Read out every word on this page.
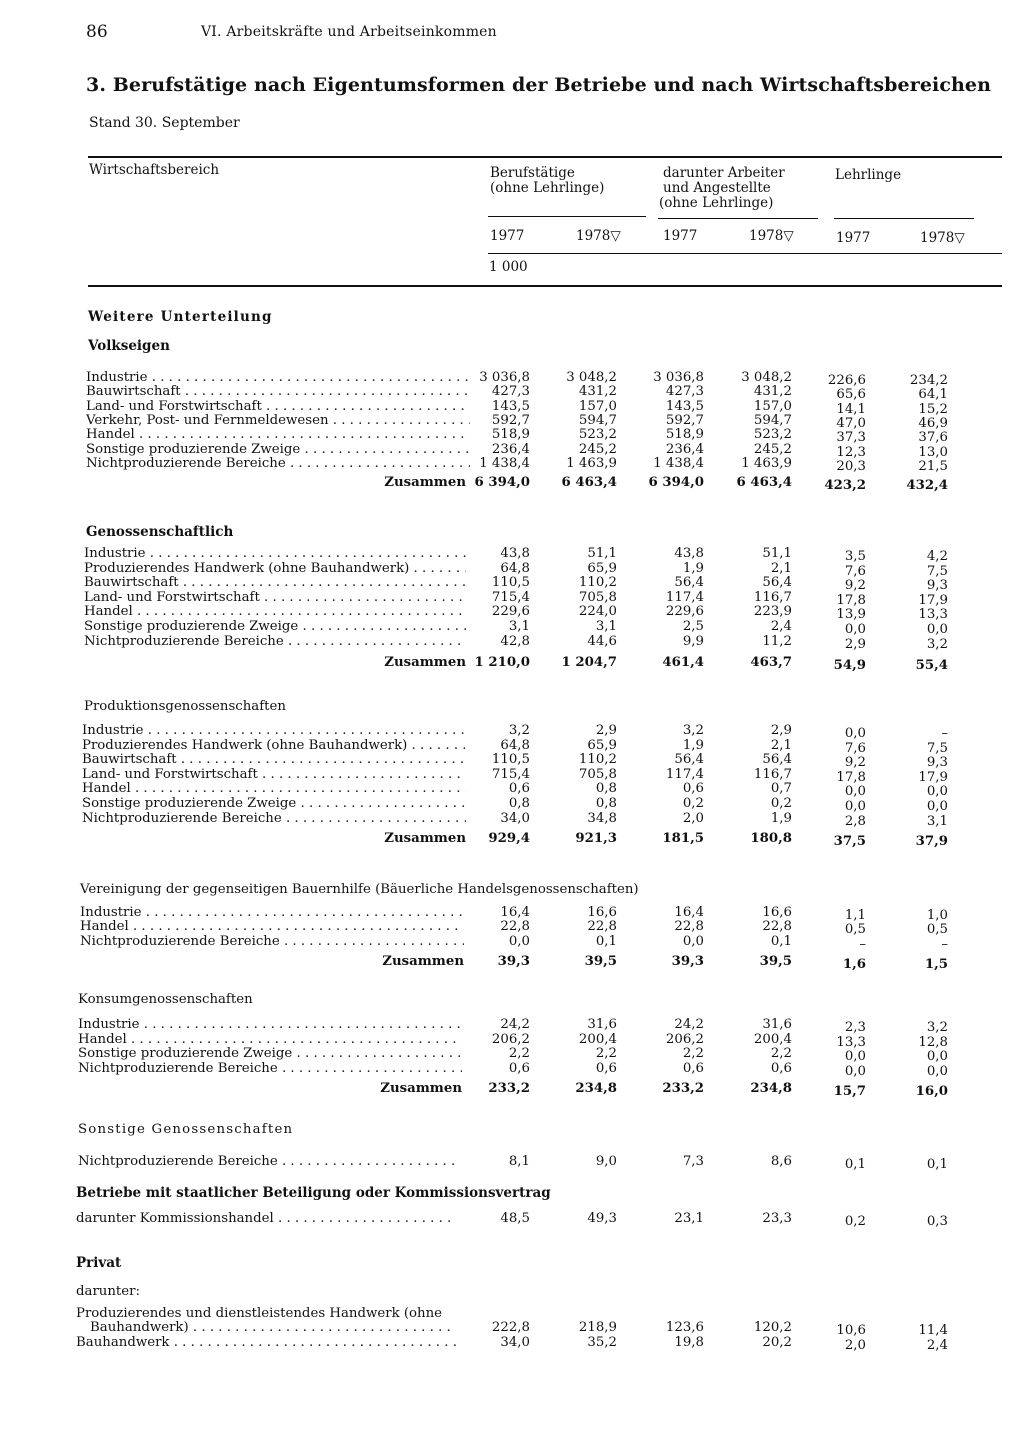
86	VI. Arbeitskräfte und Arbeitseinkommen
3. Berufstätige nach Eigentumsformen der Betriebe und nach Wirtschaftsbereichen
Stand 30. September
Wirtschaftsbereich	Berufstätige
(ohne Lehrlinge)
darunter Arbeiter
und Angestellte
(ohne Lehrlinge)
Lehrlinge
1977	1978▽	1977	1978▽	1977	1978▽
1 000
Weitere Unterteilung
Volkseigen
Industrie . . .	3 036,8	3 048,2	3 036,8	3 048,2	226,6	234,2
Bauwirtschaft . . .	427,3	431,2	427,3	431,2	65,6	64,1
Land- und Forstwirtschaft . . .	143,5	157,0	143,5	157,0	14,1	15,2
Verkehr, Post- und Fernmeldewesen . . .	592,7	594,7	592,7	594,7	47,0	46,9
Handel . . .	518,9	523,2	518,9	523,2	37,3	37,6
Sonstige produzierende Zweige . . .	236,4	245,2	236,4	245,2	12,3	13,0
Nichtproduzierende Bereiche . . .	1 438,4	1 463,9	1 438,4	1 463,9	20,3	21,5
Zusammen 6 394,0	6 463,4	6 394,0	6 463,4	423,2	432,4
Genossenschaftlich
Industrie . . .	43,8	51,1	43,8	51,1	3,5	4,2
Produzierendes Handwerk (ohne Bauhandwerk) . . .	64,8	65,9	1,9	2,1	7,6	7,5
Bauwirtschaft . . .	110,5	110,2	56,4	56,4	9,2	9,3
Land- und Forstwirtschaft . . .	715,4	705,8	117,4	116,7	17,8	17,9
Handel . . .	229,6	224,0	229,6	223,9	13,9	13,3
Sonstige produzierende Zweige . . .	3,1	3,1	2,5	2,4	0,0	0,0
Nichtproduzierende Bereiche . . .	42,8	44,6	9,9	11,2	2,9	3,2
Zusammen 1 210,0	1 204,7	461,4	463,7	54,9	55,4
Produktionsgenossenschaften
Industrie . . .	3,2	2,9	3,2	2,9	0,0	–
Produzierendes Handwerk (ohne Bauhandwerk) . . .	64,8	65,9	1,9	2,1	7,6	7,5
Bauwirtschaft . . .	110,5	110,2	56,4	56,4	9,2	9,3
Land- und Forstwirtschaft . . .	715,4	705,8	117,4	116,7	17,8	17,9
Handel . . .	0,6	0,8	0,6	0,7	0,0	0,0
Sonstige produzierende Zweige . . .	0,8	0,8	0,2	0,2	0,0	0,0
Nichtproduzierende Bereiche . . .	34,0	34,8	2,0	1,9	2,8	3,1
Zusammen	929,4	921,3	181,5	180,8	37,5	37,9
Vereinigung der gegenseitigen Bauernhilfe (Bäuerliche Handelsgenossenschaften)
Industrie . . .	16,4	16,6	16,4	16,6	1,1	1,0
Handel . . .	22,8	22,8	22,8	22,8	0,5	0,5
Nichtproduzierende Bereiche . . .	0,0	0,1	0,0	0,1	–	–
Zusammen	39,3	39,5	39,3	39,5	1,6	1,5
Konsumgenossenschaften
Industrie . . .	24,2	31,6	24,2	31,6	2,3	3,2
Handel . . .	206,2	200,4	206,2	200,4	13,3	12,8
Sonstige produzierende Zweige . . .	2,2	2,2	2,2	2,2	0,0	0,0
Nichtproduzierende Bereiche . . .	0,6	0,6	0,6	0,6	0,0	0,0
Zusammen	233,2	234,8	233,2	234,8	15,7	16,0
Sonstige Genossenschaften
Nichtproduzierende Bereiche . . .	8,1	9,0	7,3	8,6	0,1	0,1
Betriebe mit staatlicher Beteiligung oder Kommissionsvertrag
darunter Kommissionshandel . . .	48,5	49,3	23,1	23,3	0,2	0,3
Privat
darunter:
Produzierendes und dienstleistendes Handwerk (ohne
Bauhandwerk) . . .	222,8	218,9	123,6	120,2	10,6	11,4
Bauhandwerk . . .	34,0	35,2	19,8	20,2	2,0	2,4
